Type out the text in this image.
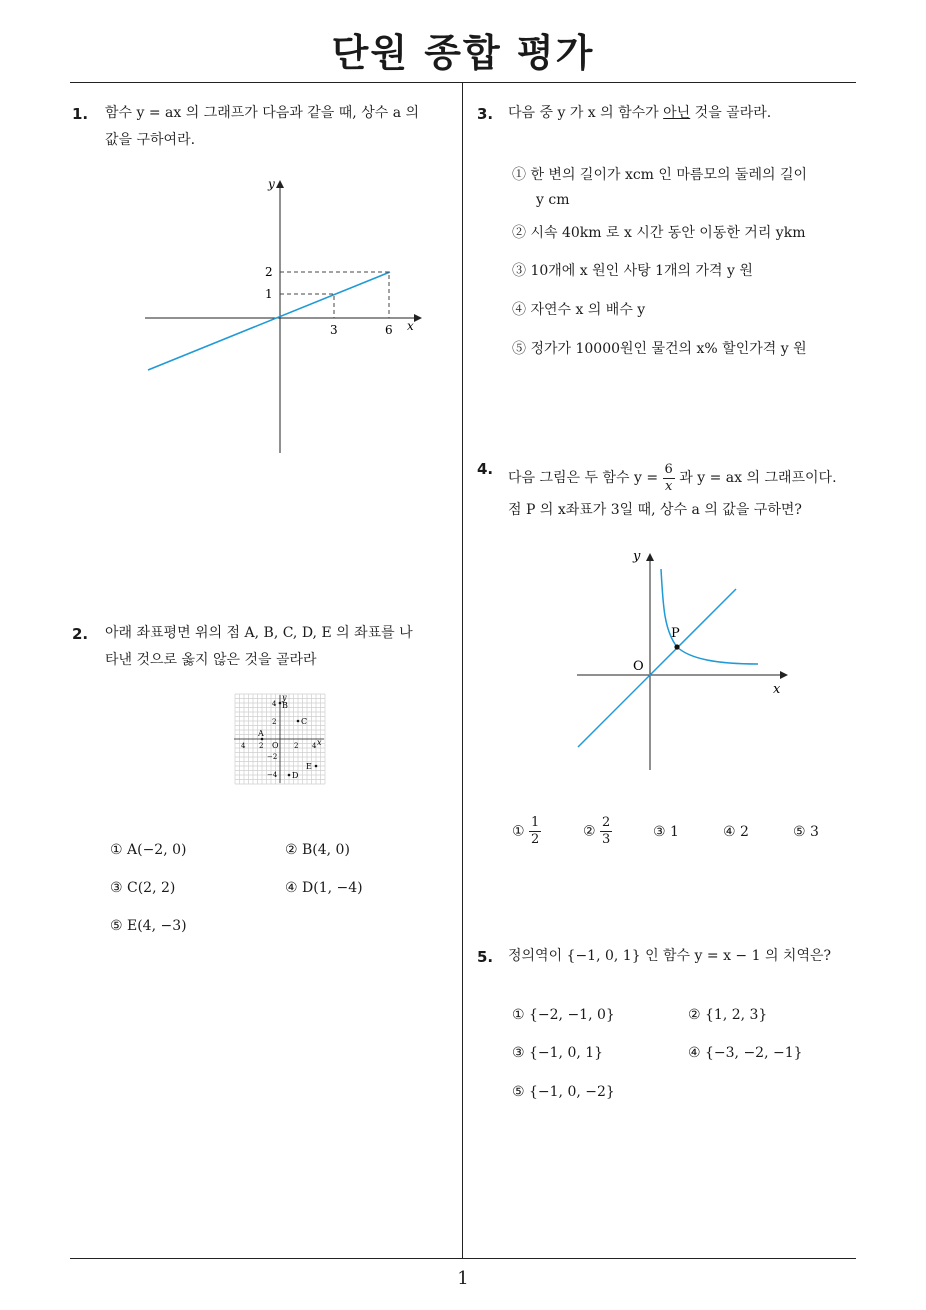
단원 종합 평가
1
1. 함수 y = ax 의 그래프가 다음과 같을 때, 상수 a 의
값을 구하여라.
x
y
3	6
1
2
2. 아래 좌표평면 위의 점 A, B, C, D, E 의 좌표를 나
타낸 것으로 옳지 않은 것을 골라라
y
x
O
4 2	2 4
4
2
−2
−4
A
B
C
D
E
① A(−2, 0)	② B(4, 0)
③ C(2, 2)	④ D(1, −4)
⑤ E(4, −3)
3. 다음 중 y 가 x 의 함수가 아닌 것을 골라라.
① 한 변의 길이가 xcm 인 마름모의 둘레의 길이
y cm
② 시속 40km 로 x 시간 동안 이동한 거리 ykm
③ 10개에 x 원인 사탕 1개의 가격 y 원
④ 자연수 x 의 배수 y
⑤ 정가가 10000원인 물건의 x% 할인가격 y 원
4. 다음 그림은 두 함수 $y = \frac{6}{x}$ 과 y = ax 의 그래프이다.
점 P 의 x좌표가 3일 때, 상수 a 의 값을 구하면?
x
y
O
P
① $\frac{1}{2}$	② $\frac{2}{3}$	③ 1	④ 2	⑤ 3
5. 정의역이 {−1, 0, 1} 인 함수 y = x − 1 의 치역은?
① {−2, −1, 0}	② {1, 2, 3}
③ {−1, 0, 1}	④ {−3, −2, −1}
⑤ {−1, 0, −2}
